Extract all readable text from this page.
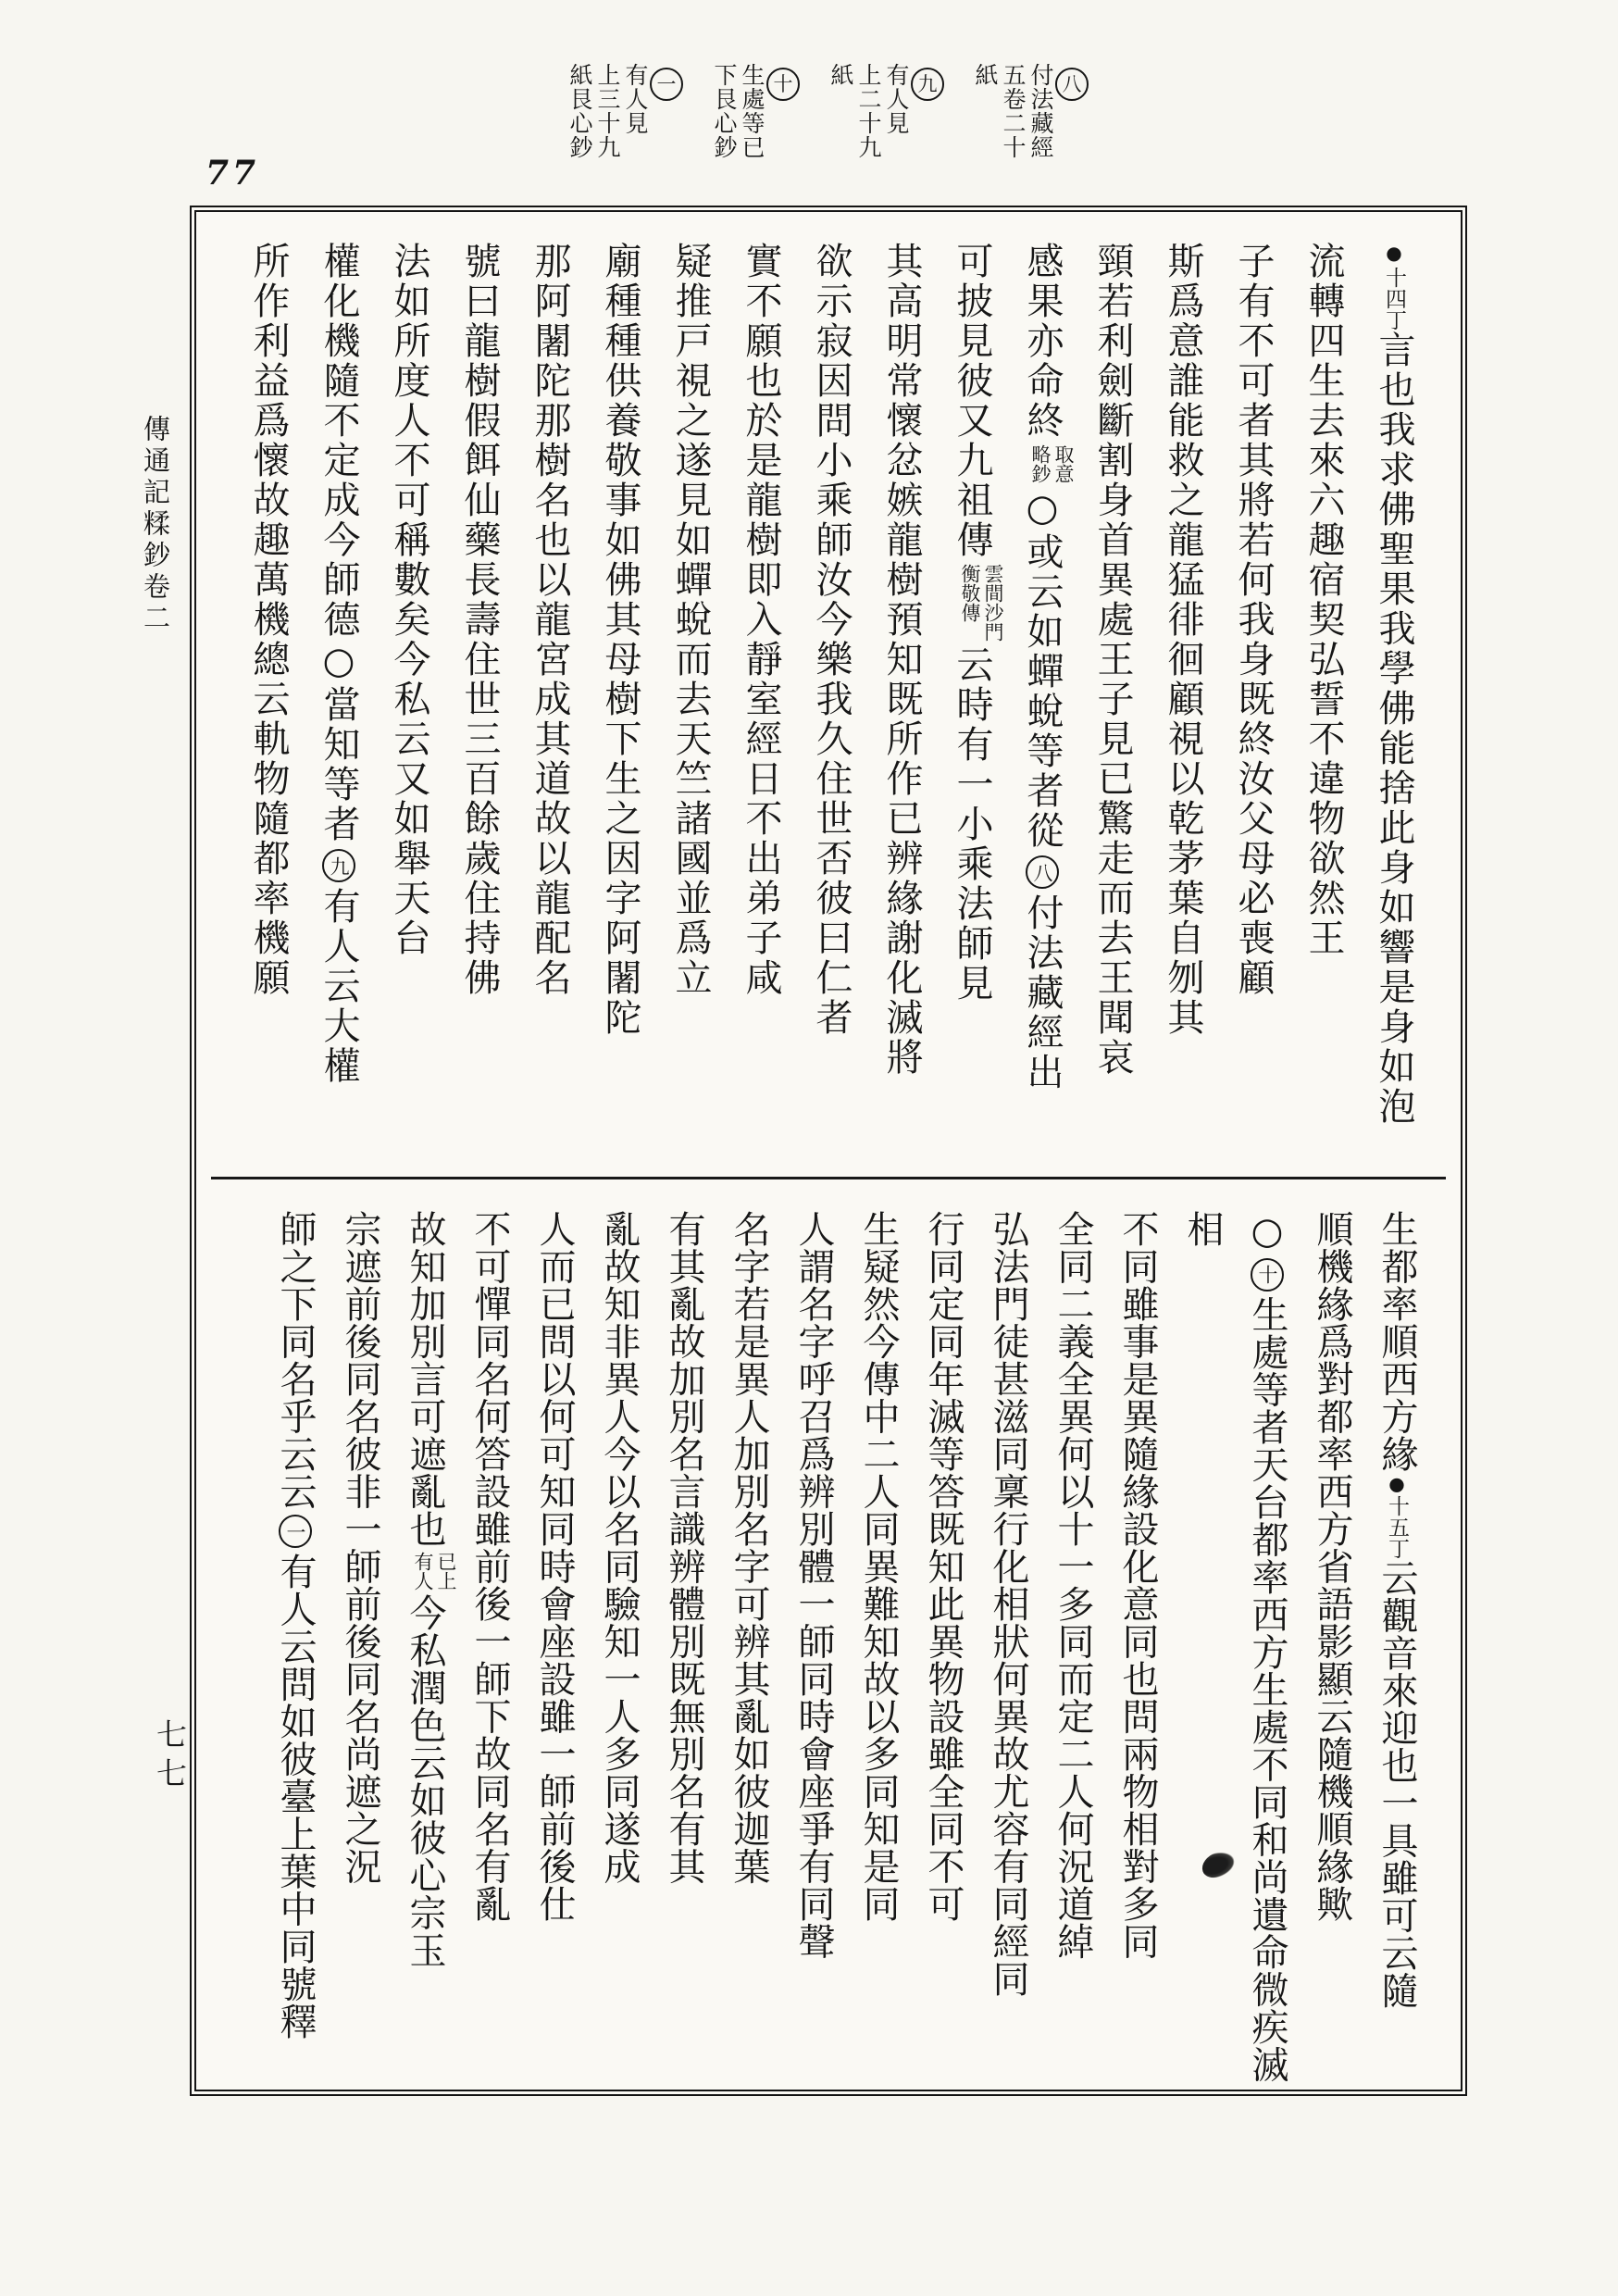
77
八
付法藏經
五卷二十
紙
九
有人見
上二十九
紙
十
生處等已
下艮心鈔
一
有人見
上三十九
紙艮心鈔
傳通記糅鈔卷二
七七
●十四丁言也我求佛聖果我學佛能捨此身如響是身如泡
流轉四生去來六趣宿契弘誓不違物欲然王
子有不可者其將若何我身既終汝父母必喪顧
斯爲意誰能救之龍猛徘徊顧視以乾茅葉自刎其
頸若利劍斷割身首異處王子見已驚走而去王聞哀
感果亦命終
取意
略鈔
○或云如蟬蛻等者從八付法藏經出
可披見彼又九祖傳
雲間沙門
衡敬傳
云時有一小乘法師見
其高明常懷忿嫉龍樹預知既所作已辨緣謝化滅將
欲示寂因問小乘師汝今樂我久住世否彼曰仁者
實不願也於是龍樹即入靜室經日不出弟子咸
疑推戸視之遂見如蟬蛻而去天竺諸國並爲立
廟種種供養敬事如佛其母樹下生之因字阿闍陀
那阿闍陀那樹名也以龍宮成其道故以龍配名
號曰龍樹假餌仙藥長壽住世三百餘歲住持佛
法如所度人不可稱數矣今私云又如舉天台
權化機隨不定成今師德○當知等者九有人云大權
所作利益爲懷故趣萬機總云軌物隨都率機願
生都率順西方緣●十五丁云觀音來迎也一具雖可云隨
順機緣爲對都率西方省語影顯云隨機順緣歟
○十生處等者天台都率西方生處不同和尚遺命微疾滅相
不同雖事是異隨緣設化意同也問兩物相對多同
全同二義全異何以十一多同而定二人何況道綽
弘法門徒甚滋同稟行化相狀何異故尤容有同經同
行同定同年滅等答既知此異物設雖全同不可
生疑然今傳中二人同異難知故以多同知是同
人謂名字呼召爲辨別體一師同時會座爭有同聲
名字若是異人加別名字可辨其亂如彼迦葉
有其亂故加別名言識辨體別既無別名有其
亂故知非異人今以名同驗知一人多同遂成
人而已問以何可知同時會座設雖一師前後仕
不可憚同名何答設雖前後一師下故同名有亂
故知加別言可遮亂也
已上
有人
今私潤色云如彼心宗玉
宗遮前後同名彼非一師前後同名尚遮之況
師之下同名乎云云一有人云問如彼臺上葉中同號釋
